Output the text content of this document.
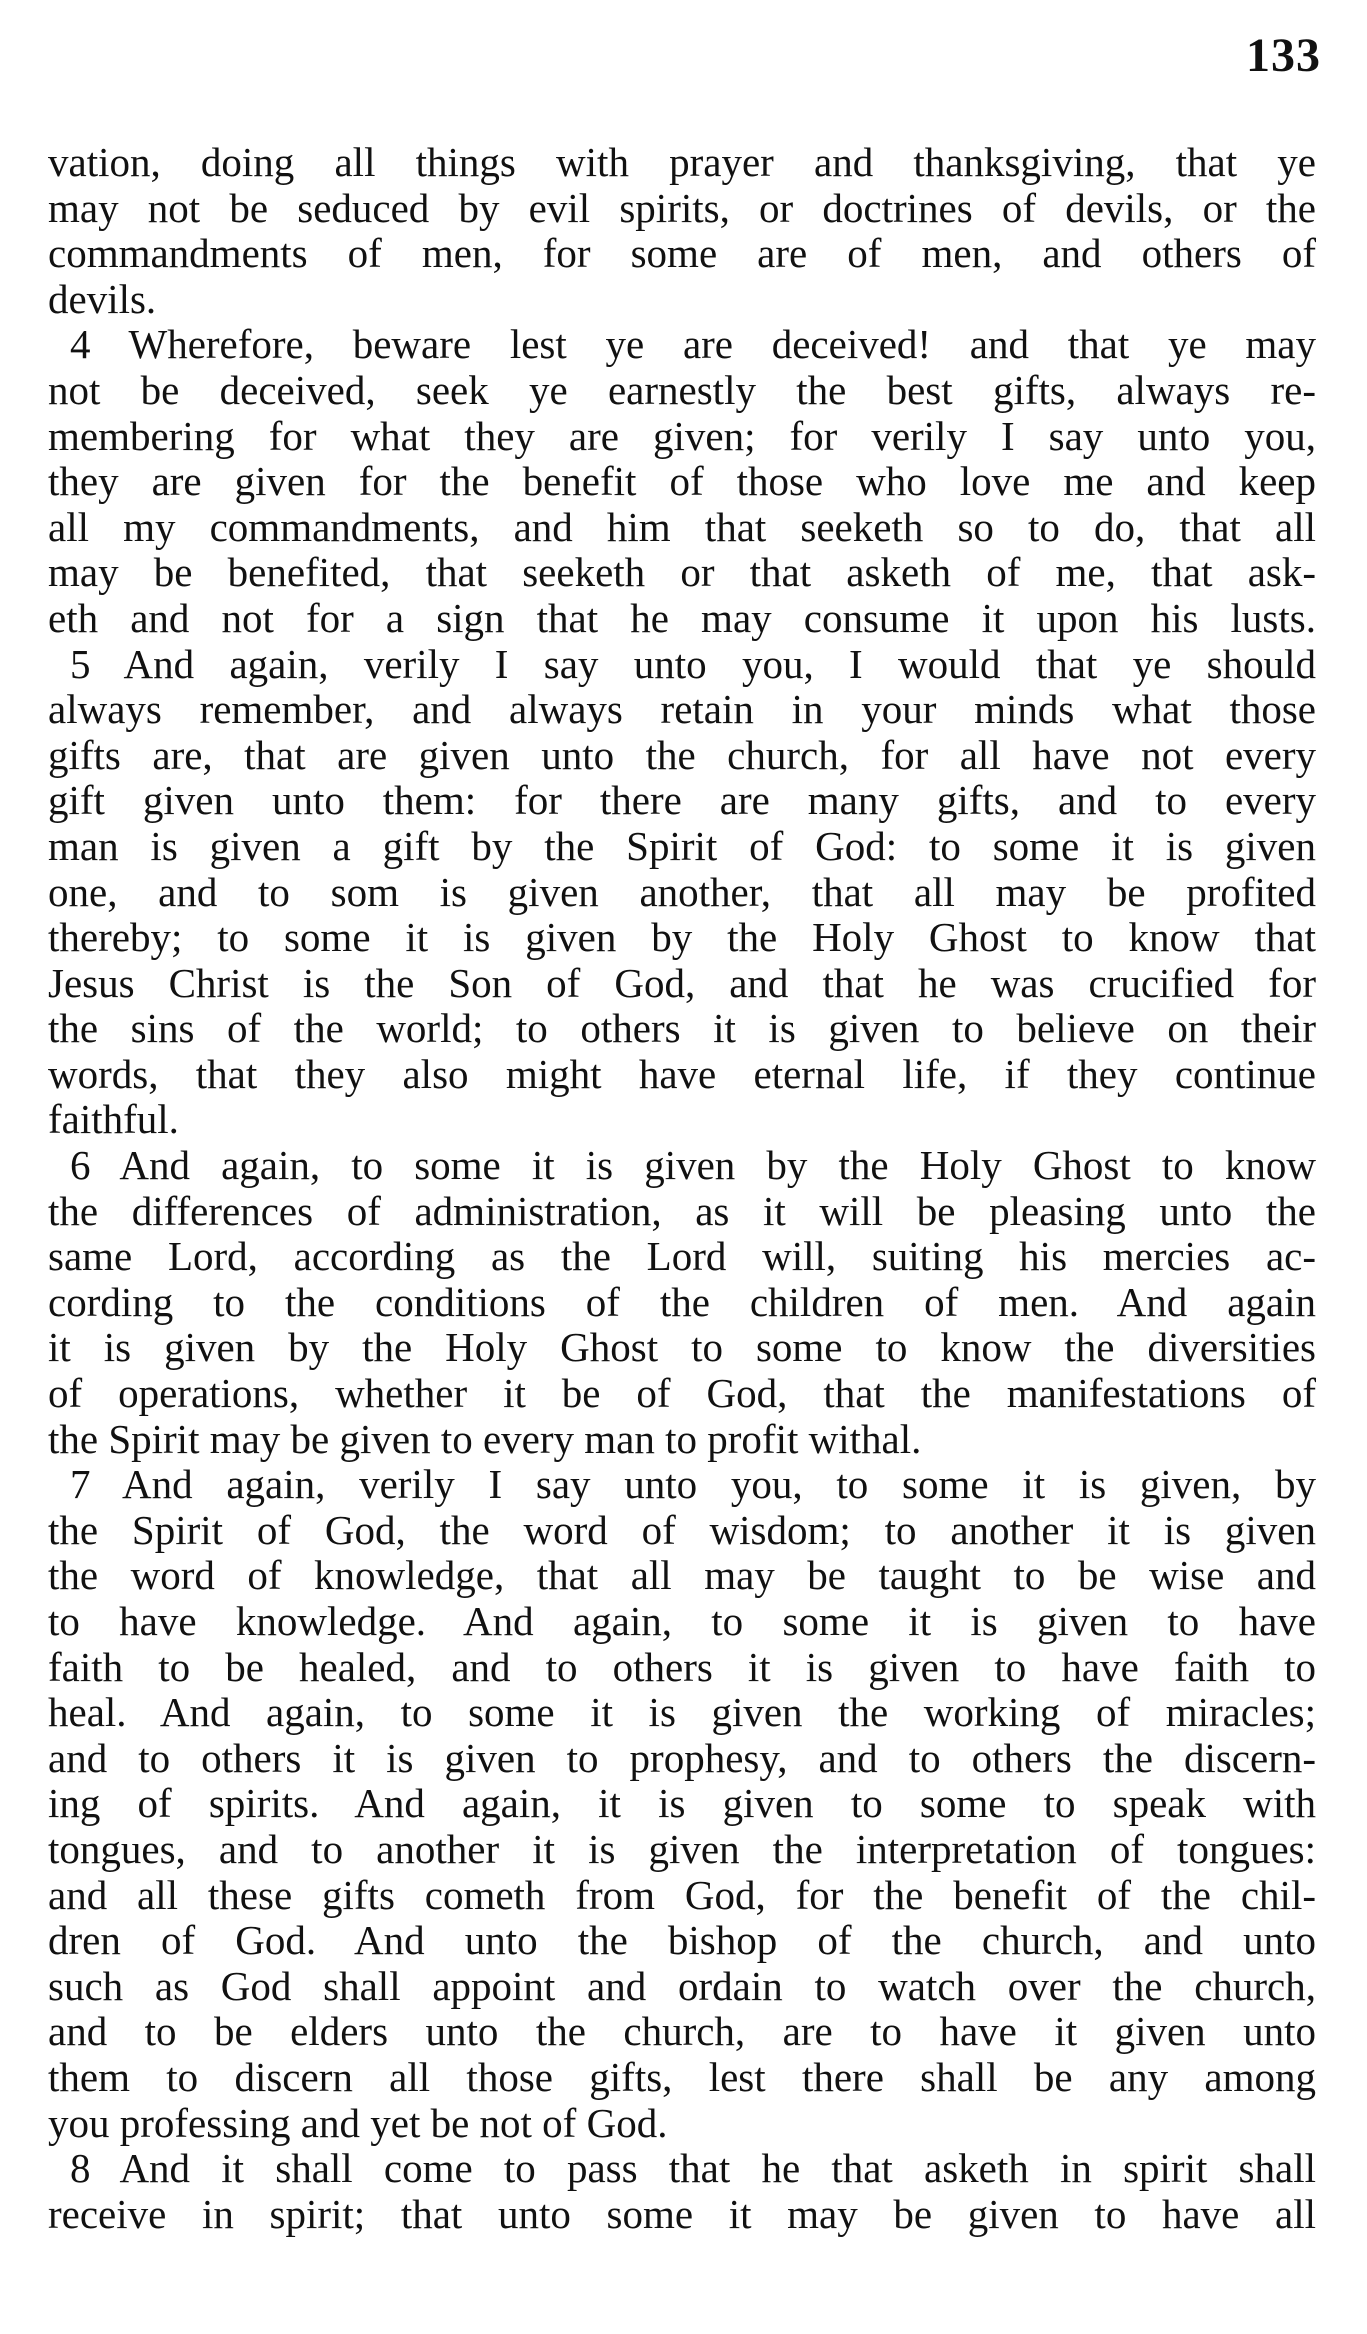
133
vation, doing all things with prayer and thanksgiving, that ye
may not be seduced by evil spirits, or doctrines of devils, or the
commandments of men, for some are of men, and others of
devils.
4 Wherefore, beware lest ye are deceived! and that ye may
not be deceived, seek ye earnestly the best gifts, always re-
membering for what they are given; for verily I say unto you,
they are given for the benefit of those who love me and keep
all my commandments, and him that seeketh so to do, that all
may be benefited, that seeketh or that asketh of me, that ask-
eth and not for a sign that he may consume it upon his lusts.
5 And again, verily I say unto you, I would that ye should
always remember, and always retain in your minds what those
gifts are, that are given unto the church, for all have not every
gift given unto them: for there are many gifts, and to every
man is given a gift by the Spirit of God: to some it is given
one, and to som is given another, that all may be profited
thereby; to some it is given by the Holy Ghost to know that
Jesus Christ is the Son of God, and that he was crucified for
the sins of the world; to others it is given to believe on their
words, that they also might have eternal life, if they continue
faithful.
6 And again, to some it is given by the Holy Ghost to know
the differences of administration, as it will be pleasing unto the
same Lord, according as the Lord will, suiting his mercies ac-
cording to the conditions of the children of men. And again
it is given by the Holy Ghost to some to know the diversities
of operations, whether it be of God, that the manifestations of
the Spirit may be given to every man to profit withal.
7 And again, verily I say unto you, to some it is given, by
the Spirit of God, the word of wisdom; to another it is given
the word of knowledge, that all may be taught to be wise and
to have knowledge. And again, to some it is given to have
faith to be healed, and to others it is given to have faith to
heal. And again, to some it is given the working of miracles;
and to others it is given to prophesy, and to others the discern-
ing of spirits. And again, it is given to some to speak with
tongues, and to another it is given the interpretation of tongues:
and all these gifts cometh from God, for the benefit of the chil-
dren of God. And unto the bishop of the church, and unto
such as God shall appoint and ordain to watch over the church,
and to be elders unto the church, are to have it given unto
them to discern all those gifts, lest there shall be any among
you professing and yet be not of God.
8 And it shall come to pass that he that asketh in spirit shall
receive in spirit; that unto some it may be given to have all
